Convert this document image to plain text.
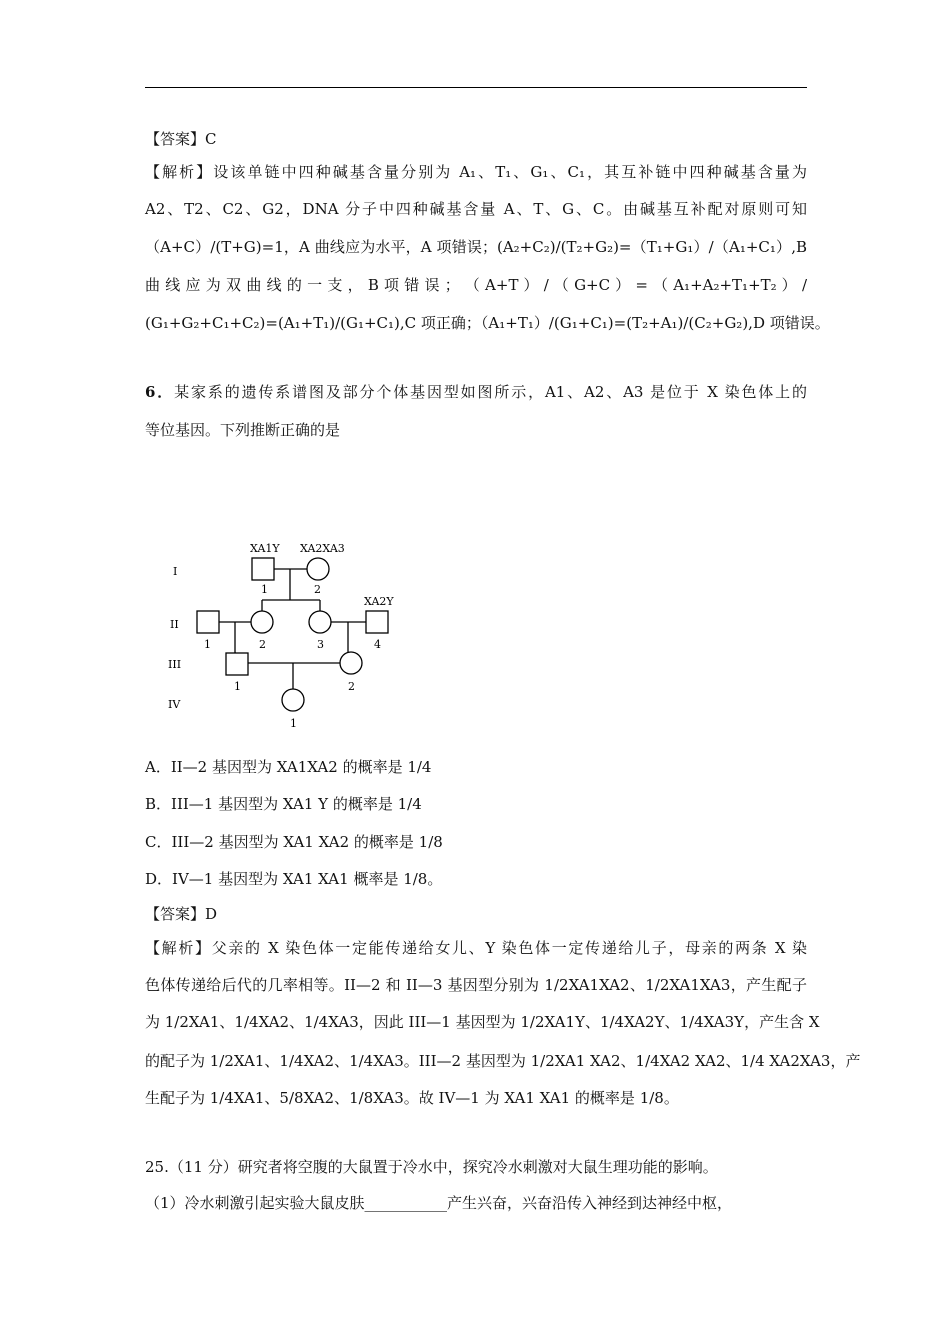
【答案】C
【解析】设该单链中四种碱基含量分别为 A₁、T₁、G₁、C₁，其互补链中四种碱基含量为
A2、T2、C2、G2，DNA 分子中四种碱基含量 A、T、G、C。由碱基互补配对原则可知
（A+C）/(T+G)=1，A 曲线应为水平，A 项错误；(A₂+C₂)/(T₂+G₂)=（T₁+G₁）/（A₁+C₁）,B
曲 线 应 为 双 曲 线 的 一 支 ， B 项 错 误 ； （ A+T ） / （ G+C ） = （ A₁+A₂+T₁+T₂ ） /
(G₁+G₂+C₁+C₂)=(A₁+T₁)/(G₁+C₁),C 项正确；（A₁+T₁）/(G₁+C₁)=(T₂+A₁)/(C₂+G₂),D 项错误。
6．某家系的遗传系谱图及部分个体基因型如图所示，A1、A2、A3 是位于 X 染色体上的
等位基因。下列推断正确的是
I
II
III
IV
1	2
1	2	3	4
1	2
1
XA1Y XA2XA3
XA2Y
A．II—2 基因型为 XA1XA2 的概率是 1/4
B．III—1 基因型为 XA1 Y 的概率是 1/4
C．III—2 基因型为 XA1 XA2 的概率是 1/8
D．IV—1 基因型为 XA1 XA1 概率是 1/8。
【答案】D
【解析】父亲的 X 染色体一定能传递给女儿、Y 染色体一定传递给儿子，母亲的两条 X 染
色体传递给后代的几率相等。II—2 和 II—3 基因型分别为 1/2XA1XA2、1/2XA1XA3，产生配子
为 1/2XA1、1/4XA2、1/4XA3，因此 III—1 基因型为 1/2XA1Y、1/4XA2Y、1/4XA3Y，产生含 X
的配子为 1/2XA1、1/4XA2、1/4XA3。III—2 基因型为 1/2XA1 XA2、1/4XA2 XA2、1/4 XA2XA3，产
生配子为 1/4XA1、5/8XA2、1/8XA3。故 IV—1 为 XA1 XA1 的概率是 1/8。
25.（11 分）研究者将空腹的大鼠置于冷水中，探究冷水刺激对大鼠生理功能的影响。
（1）冷水刺激引起实验大鼠皮肤___________产生兴奋，兴奋沿传入神经到达神经中枢，
